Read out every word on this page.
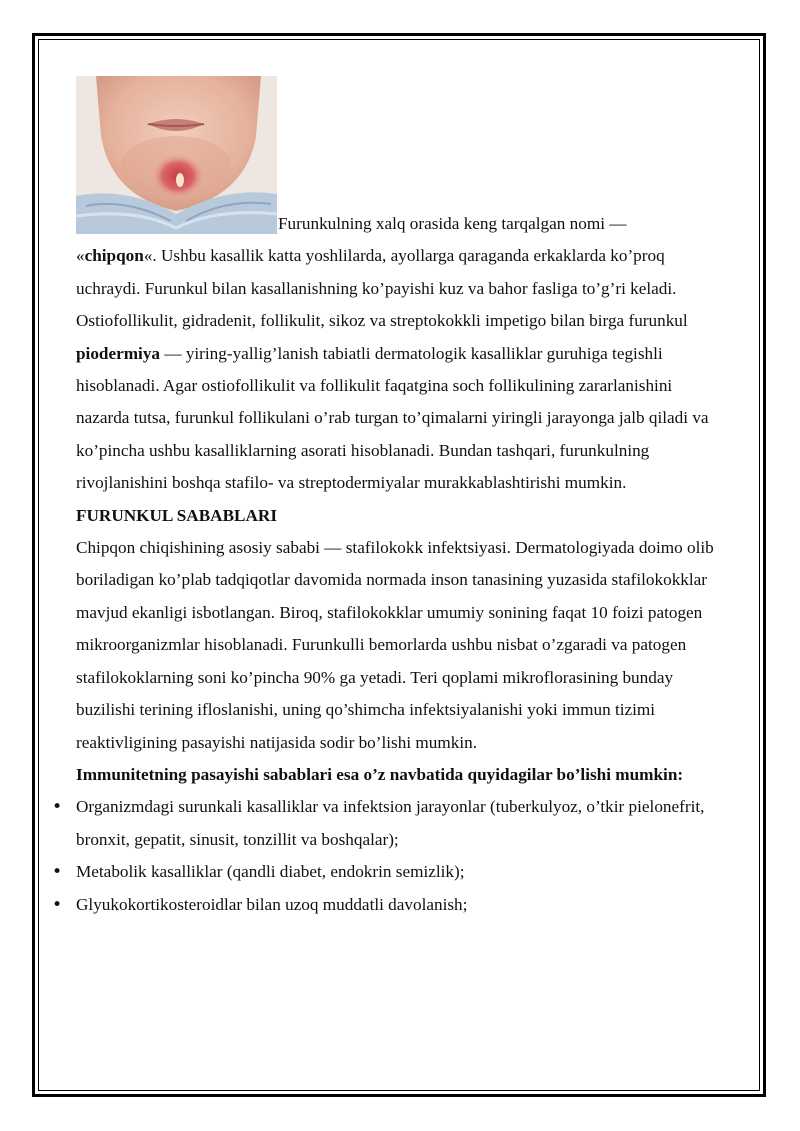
Furunkulning xalq orasida keng tarqalgan nomi —
«chipqon«. Ushbu kasallik katta yoshlilarda, ayollarga qaraganda erkaklarda ko’proq uchraydi. Furunkul bilan kasallanishning ko’payishi kuz va bahor fasliga to’g’ri keladi.

Ostiofollikulit, gidradenit, follikulit, sikoz va streptokokkli impetigo bilan birga furunkul piodermiya — yiring-yallig’lanish tabiatli dermatologik kasalliklar guruhiga tegishli hisoblanadi. Agar ostiofollikulit va follikulit faqatgina soch follikulining zararlanishini nazarda tutsa, furunkul follikulani o’rab turgan to’qimalarni yiringli jarayonga jalb qiladi va ko’pincha ushbu kasalliklarning asorati hisoblanadi. Bundan tashqari, furunkulning rivojlanishini boshqa stafilo- va streptodermiyalar murakkablashtirishi mumkin.

FURUNKUL SABABLARI

Chipqon chiqishining asosiy sababi — stafilokokk infektsiyasi. Dermatologiyada doimo olib boriladigan ko’plab tadqiqotlar davomida normada inson tanasining yuzasida stafilokokklar mavjud ekanligi isbotlangan. Biroq, stafilokokklar umumiy sonining faqat 10 foizi patogen mikroorganizmlar hisoblanadi. Furunkulli bemorlarda ushbu nisbat o’zgaradi va patogen stafilokoklarning soni ko’pincha 90% ga yetadi. Teri qoplami mikroflorasining bunday buzilishi terining ifloslanishi, uning qo’shimcha infektsiyalanishi yoki immun tizimi reaktivligining pasayishi natijasida sodir bo’lishi mumkin.

Immunitetning pasayishi sabablari esa o’z navbatida quyidagilar bo’lishi mumkin:

• Organizmdagi surunkali kasalliklar va infektsion jarayonlar (tuberkulyoz, o’tkir pielonefrit, bronxit, gepatit, sinusit, tonzillit va boshqalar);
• Metabolik kasalliklar (qandli diabet, endokrin semizlik);
• Glyukokortikosteroidlar bilan uzoq muddatli davolanish;
